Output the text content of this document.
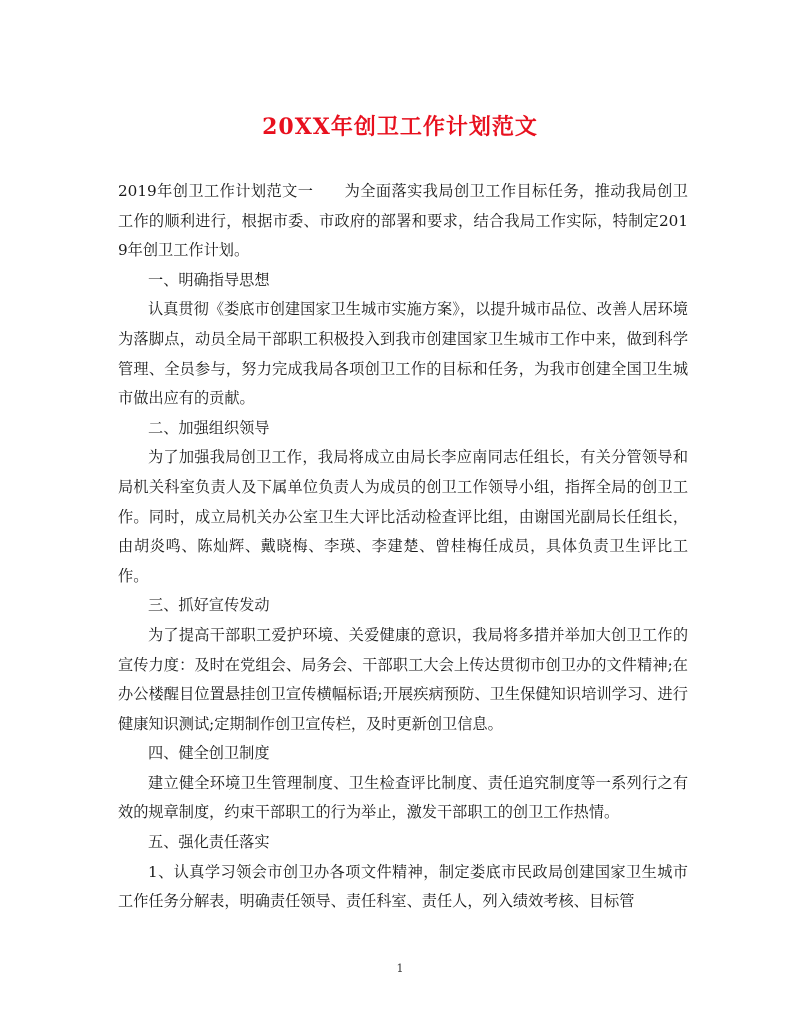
20XX年创卫工作计划范文

2019年创卫工作计划范文一　　为全面落实我局创卫工作目标任务，推动我局创卫工作的顺利进行，根据市委、市政府的部署和要求，结合我局工作实际，特制定2019年创卫工作计划。

一、明确指导思想

认真贯彻《娄底市创建国家卫生城市实施方案》，以提升城市品位、改善人居环境为落脚点，动员全局干部职工积极投入到我市创建国家卫生城市工作中来，做到科学管理、全员参与，努力完成我局各项创卫工作的目标和任务，为我市创建全国卫生城市做出应有的贡献。

二、加强组织领导

为了加强我局创卫工作，我局将成立由局长李应南同志任组长，有关分管领导和局机关科室负责人及下属单位负责人为成员的创卫工作领导小组，指挥全局的创卫工作。同时，成立局机关办公室卫生大评比活动检查评比组，由谢国光副局长任组长，由胡炎鸣、陈灿辉、戴晓梅、李瑛、李建楚、曾桂梅任成员，具体负责卫生评比工作。

三、抓好宣传发动

为了提高干部职工爱护环境、关爱健康的意识，我局将多措并举加大创卫工作的宣传力度：及时在党组会、局务会、干部职工大会上传达贯彻市创卫办的文件精神;在办公楼醒目位置悬挂创卫宣传横幅标语;开展疾病预防、卫生保健知识培训学习、进行健康知识测试;定期制作创卫宣传栏，及时更新创卫信息。

四、健全创卫制度

建立健全环境卫生管理制度、卫生检查评比制度、责任追究制度等一系列行之有效的规章制度，约束干部职工的行为举止，激发干部职工的创卫工作热情。

五、强化责任落实

1、认真学习领会市创卫办各项文件精神，制定娄底市民政局创建国家卫生城市工作任务分解表，明确责任领导、责任科室、责任人，列入绩效考核、目标管

1
